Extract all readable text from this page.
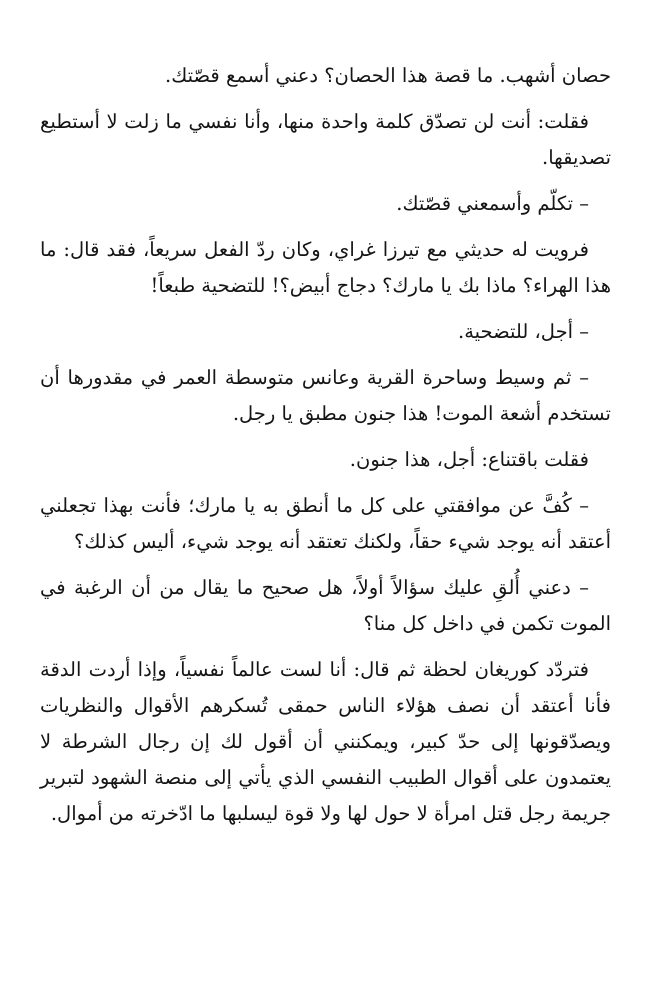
حصان أشهب. ما قصة هذا الحصان؟ دعني أسمع قصّتك.

فقلت: أنت لن تصدّق كلمة واحدة منها، وأنا نفسي ما زلت لا أستطيع تصديقها.

– تكلّم وأسمعني قصّتك.

فرويت له حديثي مع تيرزا غراي، وكان ردّ الفعل سريعاً، فقد قال: ما هذا الهراء؟ ماذا بك يا مارك؟ دجاج أبيض؟! للتضحية طبعاً!

– أجل، للتضحية.

– ثم وسيط وساحرة القرية وعانس متوسطة العمر في مقدورها أن تستخدم أشعة الموت! هذا جنون مطبق يا رجل.

فقلت باقتناع: أجل، هذا جنون.

– كُفَّ عن موافقتي على كل ما أنطق به يا مارك؛ فأنت بهذا تجعلني أعتقد أنه يوجد شيء حقاً، ولكنك تعتقد أنه يوجد شيء، أليس كذلك؟

– دعني أُلقِ عليك سؤالاً أولاً، هل صحيح ما يقال من أن الرغبة في الموت تكمن في داخل كل منا؟

فتردّد كوريغان لحظة ثم قال: أنا لست عالماً نفسياً، وإذا أردت الدقة فأنا أعتقد أن نصف هؤلاء الناس حمقى تُسكرهم الأقوال والنظريات ويصدّقونها إلى حدّ كبير، ويمكنني أن أقول لك إن رجال الشرطة لا يعتمدون على أقوال الطبيب النفسي الذي يأتي إلى منصة الشهود لتبرير جريمة رجل قتل امرأة لا حول لها ولا قوة ليسلبها ما ادّخرته من أموال.
